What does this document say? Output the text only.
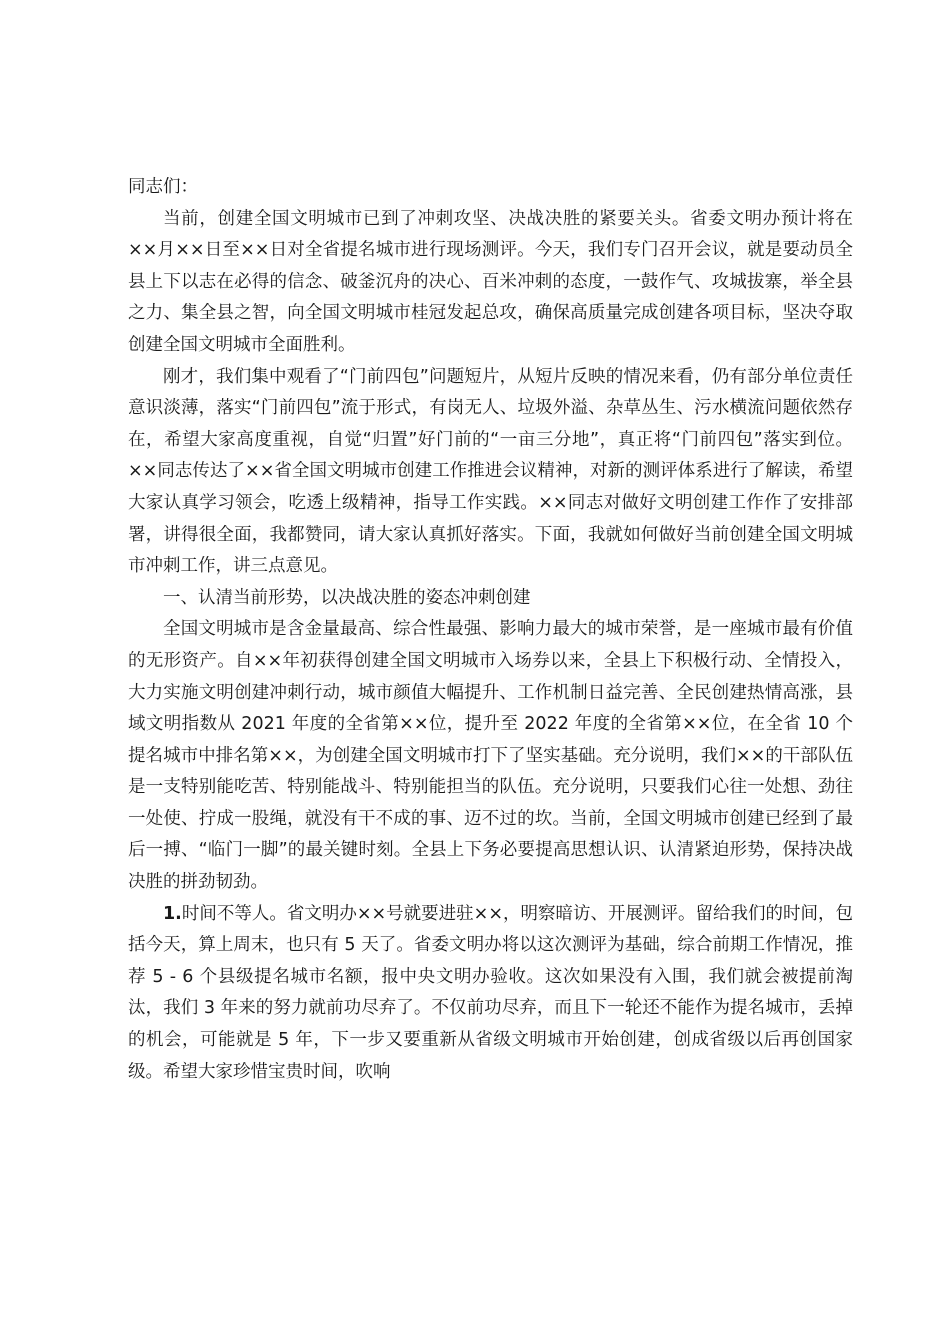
同志们：

当前，创建全国文明城市已到了冲刺攻坚、决战决胜的紧要关头。省委文明办预计将在××月××日至××日对全省提名城市进行现场测评。今天，我们专门召开会议，就是要动员全县上下以志在必得的信念、破釜沉舟的决心、百米冲刺的态度，一鼓作气、攻城拔寨，举全县之力、集全县之智，向全国文明城市桂冠发起总攻，确保高质量完成创建各项目标，坚决夺取创建全国文明城市全面胜利。

刚才，我们集中观看了“门前四包”问题短片，从短片反映的情况来看，仍有部分单位责任意识淡薄，落实“门前四包”流于形式，有岗无人、垃圾外溢、杂草丛生、污水横流问题依然存在，希望大家高度重视，自觉“归置”好门前的“一亩三分地”，真正将“门前四包”落实到位。××同志传达了××省全国文明城市创建工作推进会议精神，对新的测评体系进行了解读，希望大家认真学习领会，吃透上级精神，指导工作实践。××同志对做好文明创建工作作了安排部署，讲得很全面，我都赞同，请大家认真抓好落实。下面，我就如何做好当前创建全国文明城市冲刺工作，讲三点意见。

一、认清当前形势，以决战决胜的姿态冲刺创建

全国文明城市是含金量最高、综合性最强、影响力最大的城市荣誉，是一座城市最有价值的无形资产。自××年初获得创建全国文明城市入场券以来，全县上下积极行动、全情投入，大力实施文明创建冲刺行动，城市颜值大幅提升、工作机制日益完善、全民创建热情高涨，县域文明指数从 2021 年度的全省第××位，提升至 2022 年度的全省第××位，在全省 10 个提名城市中排名第××，为创建全国文明城市打下了坚实基础。充分说明，我们××的干部队伍是一支特别能吃苦、特别能战斗、特别能担当的队伍。充分说明，只要我们心往一处想、劲往一处使、拧成一股绳，就没有干不成的事、迈不过的坎。当前，全国文明城市创建已经到了最后一搏、“临门一脚”的最关键时刻。全县上下务必要提高思想认识、认清紧迫形势，保持决战决胜的拼劲韧劲。

1.时间不等人。省文明办××号就要进驻××，明察暗访、开展测评。留给我们的时间，包括今天，算上周末，也只有 5 天了。省委文明办将以这次测评为基础，综合前期工作情况，推荐 5 - 6 个县级提名城市名额，报中央文明办验收。这次如果没有入围，我们就会被提前淘汰，我们 3 年来的努力就前功尽弃了。不仅前功尽弃，而且下一轮还不能作为提名城市，丢掉的机会，可能就是 5 年，下一步又要重新从省级文明城市开始创建，创成省级以后再创国家级。希望大家珍惜宝贵时间，吹响
